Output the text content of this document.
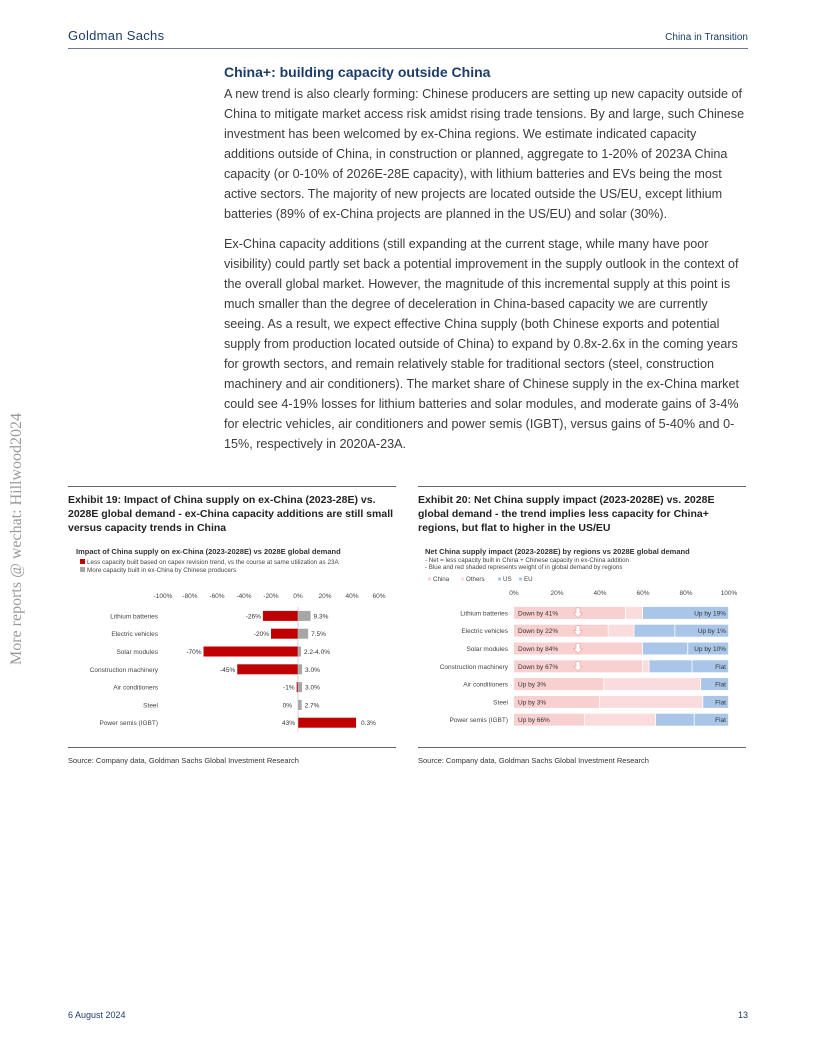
Goldman Sachs	China in Transition
More reports @ wechat: Hillwood2024
China+: building capacity outside China

A new trend is also clearly forming: Chinese producers are setting up new capacity outside of China to mitigate market access risk amidst rising trade tensions. By and large, such Chinese investment has been welcomed by ex-China regions. We estimate indicated capacity additions outside of China, in construction or planned, aggregate to 1-20% of 2023A China capacity (or 0-10% of 2026E-28E capacity), with lithium batteries and EVs being the most active sectors. The majority of new projects are located outside the US/EU, except lithium batteries (89% of ex-China projects are planned in the US/EU) and solar (30%).

Ex-China capacity additions (still expanding at the current stage, while many have poor visibility) could partly set back a potential improvement in the supply outlook in the context of the overall global market. However, the magnitude of this incremental supply at this point is much smaller than the degree of deceleration in China-based capacity we are currently seeing. As a result, we expect effective China supply (both Chinese exports and potential supply from production located outside of China) to expand by 0.8x-2.6x in the coming years for growth sectors, and remain relatively stable for traditional sectors (steel, construction machinery and air conditioners). The market share of Chinese supply in the ex-China market could see 4-19% losses for lithium batteries and solar modules, and moderate gains of 3-4% for electric vehicles, air conditioners and power semis (IGBT), versus gains of 5-40% and 0-15%, respectively in 2020A-23A.

Exhibit 19: Impact of China supply on ex-China (2023-28E) vs. 2028E global demand - ex-China capacity additions are still small versus capacity trends in China
Impact of China supply on ex-China (2023-2028E) vs 2028E global demand
Less capacity built based on capex revision trend, vs the course at same utilization as 23A
More capacity built in ex-China by Chinese producers
-100% -80% -60% -40% -20% 0% 20% 40% 60%
Lithium batteries	-26%	9.3%
Electric vehicles	-20%	7.5%
Solar modules	-70%	2.2-4.0%
Construction machinery	-45%	3.0%
Air conditioners	-1% 3.0%
Steel	0% 2.7%
Power semis (IGBT)	43%	0.3%
Source: Company data, Goldman Sachs Global Investment Research
Exhibit 20: Net China supply impact (2023-2028E) vs. 2028E global demand - the trend implies less capacity for China+ regions, but flat to higher in the US/EU
Net China supply impact (2023-2028E) by regions vs 2028E global demand
- Net = less capacity built in China + Chinese capacity in ex-China addition
- Blue and red shaded represents weight of in global demand by regions
China	Others	US EU
0%	20%	40%	60%	80%	100%
Lithium batteries Down by 41%	Up by 19%
Electric vehicles Down by 22%	Up by 1%
Solar modules Down by 84%	Up by 10%
Construction machinery Down by 67%	Flat
Air conditioners Up by 3%	Flat
Steel Up by 3%	Flat
Power semis (IGBT) Up by 66%	Flat
Source: Company data, Goldman Sachs Global Investment Research
6 August 2024	13
